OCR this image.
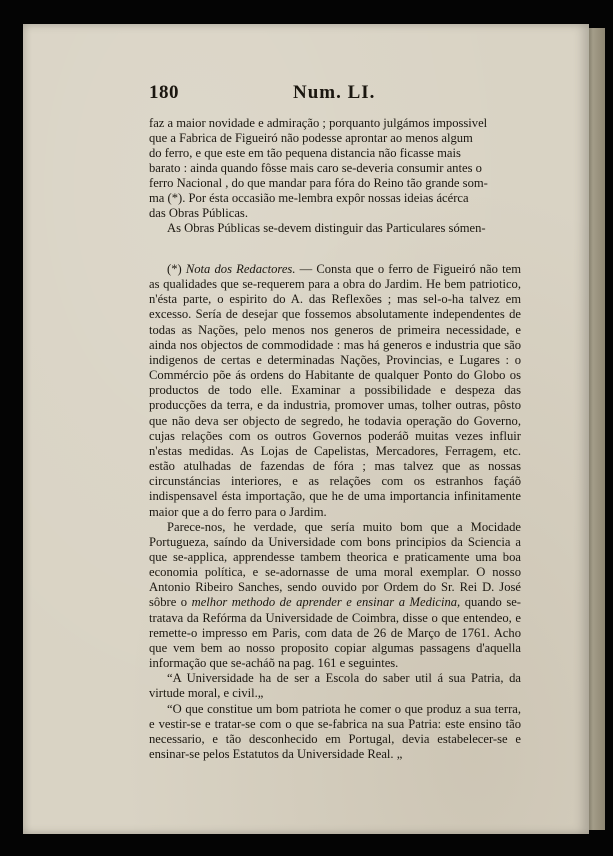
180	Num. LI.

faz a maior novidade e admiração ; porquanto julgámos impossivel
que a Fabrica de Figueiró não podesse aprontar ao menos algum
do ferro, e que este em tão pequena distancia não ficasse mais
barato : ainda quando fôsse mais caro se-deveria consumir antes o
ferro Nacional , do que mandar para fóra do Reino tão grande som-
ma (*). Por ésta occasião me-lembra expôr nossas ideias ácérca
das Obras Públicas.
As Obras Públicas se-devem distinguir das Particulares sómen-

(*) Nota dos Redactores. — Consta que o ferro de Figueiró não tem as qualidades que se-requerem para a obra do Jardim. He bem patriotico, n'ésta parte, o espirito do A. das Reflexões ; mas sel-o-ha talvez em excesso. Sería de desejar que fossemos absolutamente independentes de todas as Nações, pelo menos nos generos de primeira necessidade, e ainda nos objectos de commodidade : mas há generos e industria que são indigenos de certas e determinadas Nações, Provincias, e Lugares : o Commércio põe ás ordens do Habitante de qualquer Ponto do Globo os productos de todo elle. Examinar a possibilidade e despeza das producções da terra, e da industria, promover umas, tolher outras, pôsto que não deva ser objecto de segredo, he todavia operação do Governo, cujas relações com os outros Governos poderáõ muitas vezes influir n'estas medidas. As Lojas de Capelistas, Mercadores, Ferragem, etc. estão atulhadas de fazendas de fóra ; mas talvez que as nossas circunstáncias interiores, e as relações com os estranhos façáõ indispensavel ésta importação, que he de uma importancia infinitamente maior que a do ferro para o Jardim.

Parece-nos, he verdade, que sería muito bom que a Mocidade Portugueza, saíndo da Universidade com bons principios da Sciencia a que se-applica, apprendesse tambem theorica e praticamente uma boa economia política, e se-adornasse de uma moral exemplar. O nosso Antonio Ribeiro Sanches, sendo ouvido por Ordem do Sr. Rei D. José sôbre o melhor methodo de aprender e ensinar a Medicina, quando se-tratava da Refórma da Universidade de Coimbra, disse o que entendeo, e remette-o impresso em Paris, com data de 26 de Março de 1761. Acho que vem bem ao nosso proposito copiar algumas passagens d'aquella informação que se-acháõ na pag. 161 e seguintes.

“A Universidade ha de ser a Escola do saber util á sua Patria, da virtude moral, e civil.„

“O que constitue um bom patriota he comer o que produz a sua terra, e vestir-se e tratar-se com o que se-fabrica na sua Patria: este ensino tão necessario, e tão desconhecido em Portugal, devia estabelecer-se e ensinar-se pelos Estatutos da Universidade Real. „
